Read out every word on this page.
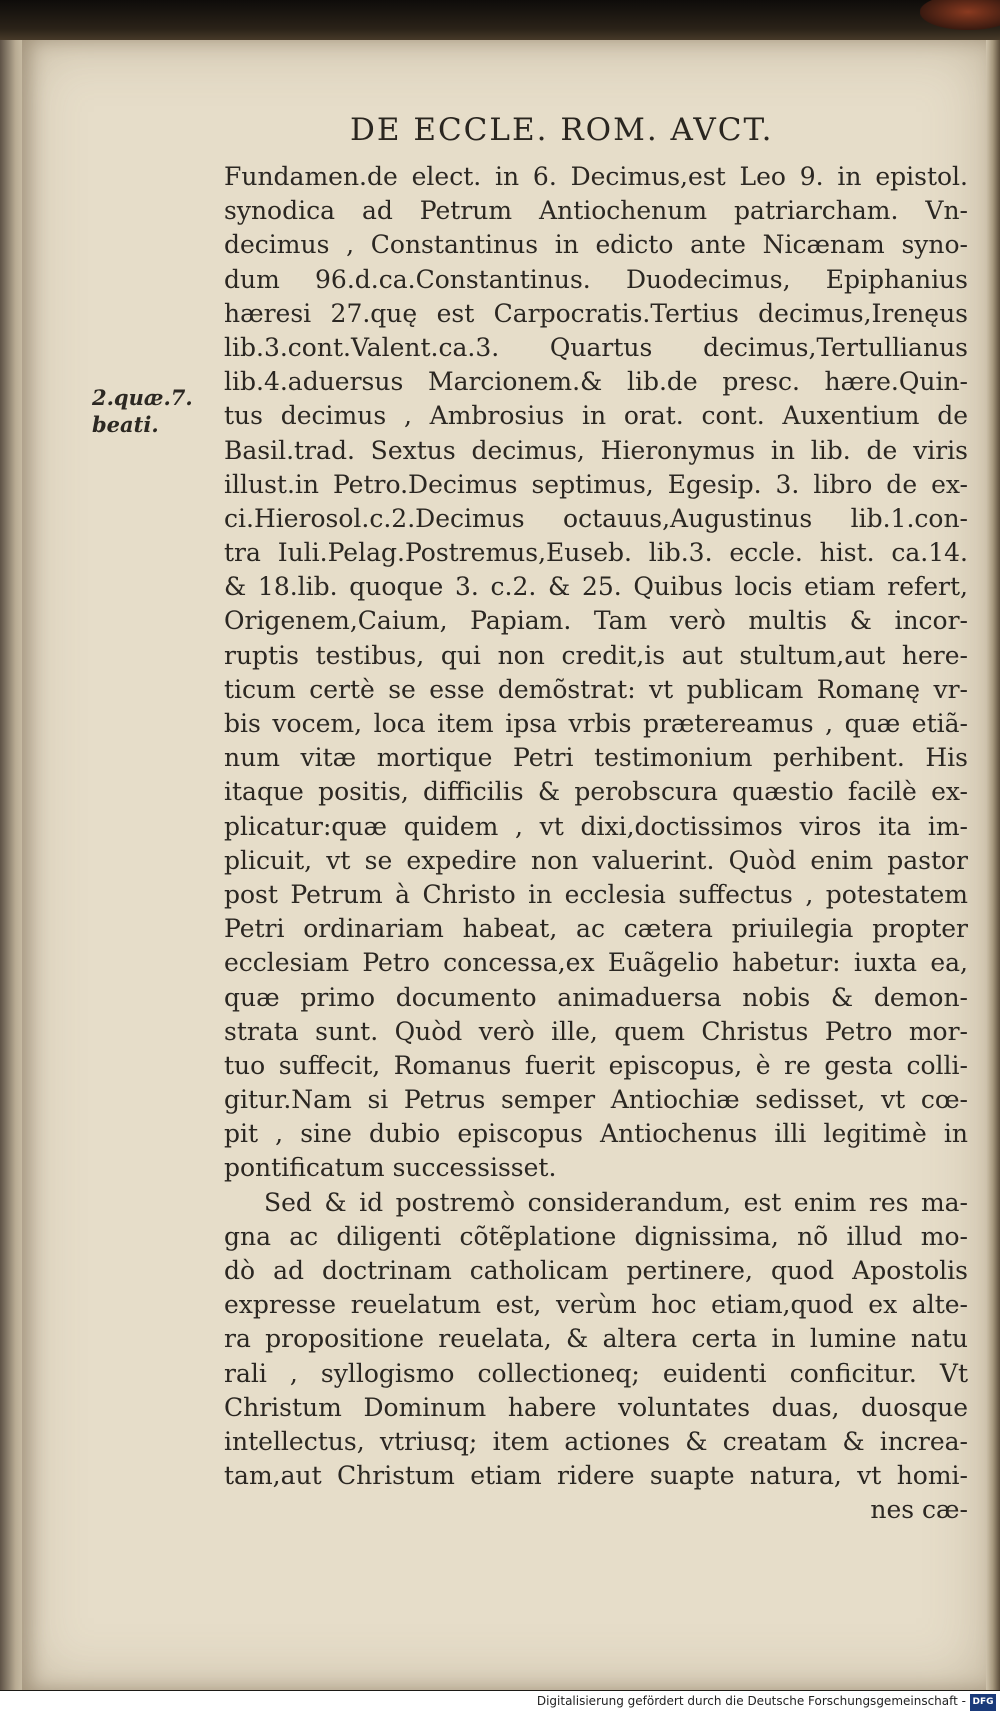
DE ECCLE. ROM. AVCT.
2.quæ.7.
beati.
Fundamen.de elect. in 6. Decimus,est Leo 9. in epistol.
synodica ad Petrum Antiochenum patriarcham. Vn-
decimus , Constantinus in edicto ante Nicænam syno-
dum 96.d.ca.Constantinus. Duodecimus, Epiphanius
hæresi 27.quę est Carpocratis.Tertius decimus,Irenęus
lib.3.cont.Valent.ca.3. Quartus decimus,Tertullianus
lib.4.aduersus Marcionem.& lib.de presc. hære.Quin-
tus decimus , Ambrosius in orat. cont. Auxentium de
Basil.trad. Sextus decimus, Hieronymus in lib. de viris
illust.in Petro.Decimus septimus, Egesip. 3. libro de ex-
ci.Hierosol.c.2.Decimus octauus,Augustinus lib.1.con-
tra Iuli.Pelag.Postremus,Euseb. lib.3. eccle. hist. ca.14.
& 18.lib. quoque 3. c.2. & 25. Quibus locis etiam refert,
Origenem,Caium, Papiam. Tam verò multis & incor-
ruptis testibus, qui non credit,is aut stultum,aut here-
ticum certè se esse demõstrat: vt publicam Romanę vr-
bis vocem, loca item ipsa vrbis prætereamus , quæ etiã-
num vitæ mortique Petri testimonium perhibent. His
itaque positis, difficilis & perobscura quæstio facilè ex-
plicatur:quæ quidem , vt dixi,doctissimos viros ita im-
plicuit, vt se expedire non valuerint. Quòd enim pastor
post Petrum à Christo in ecclesia suffectus , potestatem
Petri ordinariam habeat, ac cætera priuilegia propter
ecclesiam Petro concessa,ex Euãgelio habetur: iuxta ea,
quæ primo documento animaduersa nobis & demon-
strata sunt. Quòd verò ille, quem Christus Petro mor-
tuo suffecit, Romanus fuerit episcopus, è re gesta colli-
gitur.Nam si Petrus semper Antiochiæ sedisset, vt cœ-
pit , sine dubio episcopus Antiochenus illi legitimè in
pontificatum successisset.
Sed & id postremò considerandum, est enim res ma-
gna ac diligenti cõtẽplatione dignissima, nõ illud mo-
dò ad doctrinam catholicam pertinere, quod Apostolis
expresse reuelatum est, verùm hoc etiam,quod ex alte-
ra propositione reuelata, & altera certa in lumine natu
rali , syllogismo collectioneq; euidenti conficitur. Vt
Christum Dominum habere voluntates duas, duosque
intellectus, vtriusq; item actiones & creatam & increa-
tam,aut Christum etiam ridere suapte natura, vt homi-
nes cæ-
Digitalisierung gefördert durch die Deutsche Forschungsgemeinschaft - DFG
